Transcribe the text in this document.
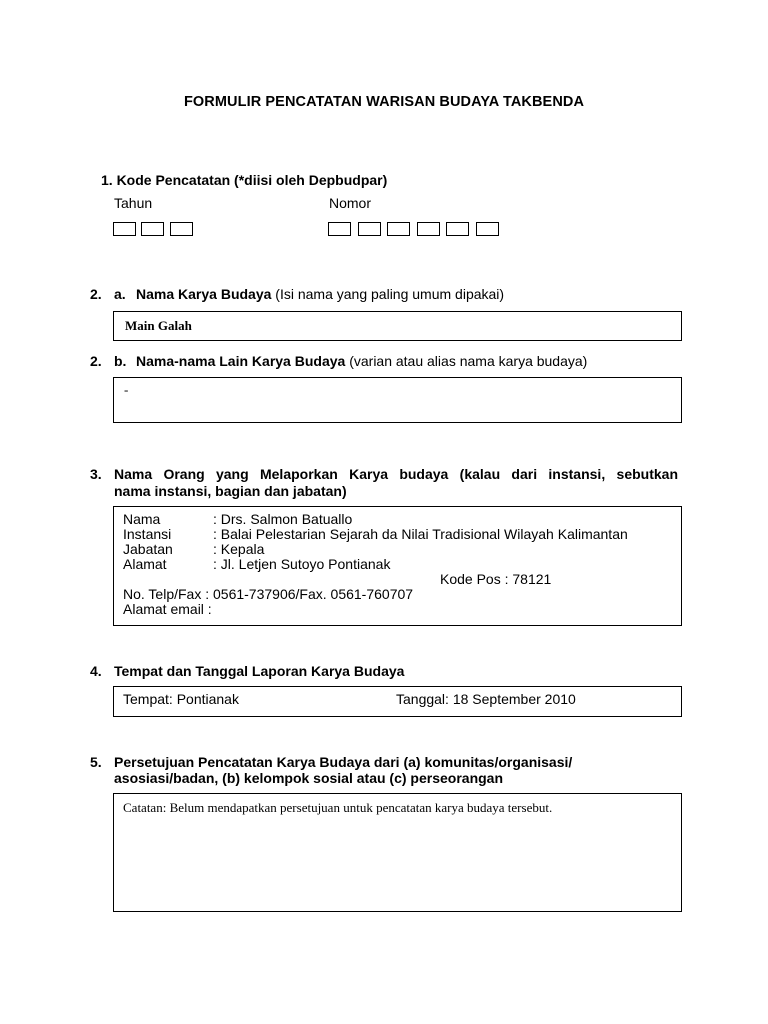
FORMULIR PENCATATAN WARISAN BUDAYA TAKBENDA
1. Kode Pencatatan (*diisi oleh Depbudpar)
Tahun	Nomor
2. a. Nama Karya Budaya (Isi nama yang paling umum dipakai)
Main Galah
2. b. Nama-nama Lain Karya Budaya (varian atau alias nama karya budaya)
-
3. Nama Orang yang Melaporkan Karya budaya (kalau dari instansi, sebutkan
nama instansi, bagian dan jabatan)
Nama	: Drs. Salmon Batuallo
Instansi	: Balai Pelestarian Sejarah da Nilai Tradisional Wilayah Kalimantan
Jabatan	: Kepala
Alamat	: Jl. Letjen Sutoyo Pontianak
Kode Pos : 78121
No. Telp/Fax : 0561-737906/Fax. 0561-760707
Alamat email :
4. Tempat dan Tanggal Laporan Karya Budaya
Tempat: Pontianak	Tanggal: 18 September 2010
5. Persetujuan Pencatatan Karya Budaya dari (a) komunitas/organisasi/
asosiasi/badan, (b) kelompok sosial atau (c) perseorangan
Catatan: Belum mendapatkan persetujuan untuk pencatatan karya budaya tersebut.
